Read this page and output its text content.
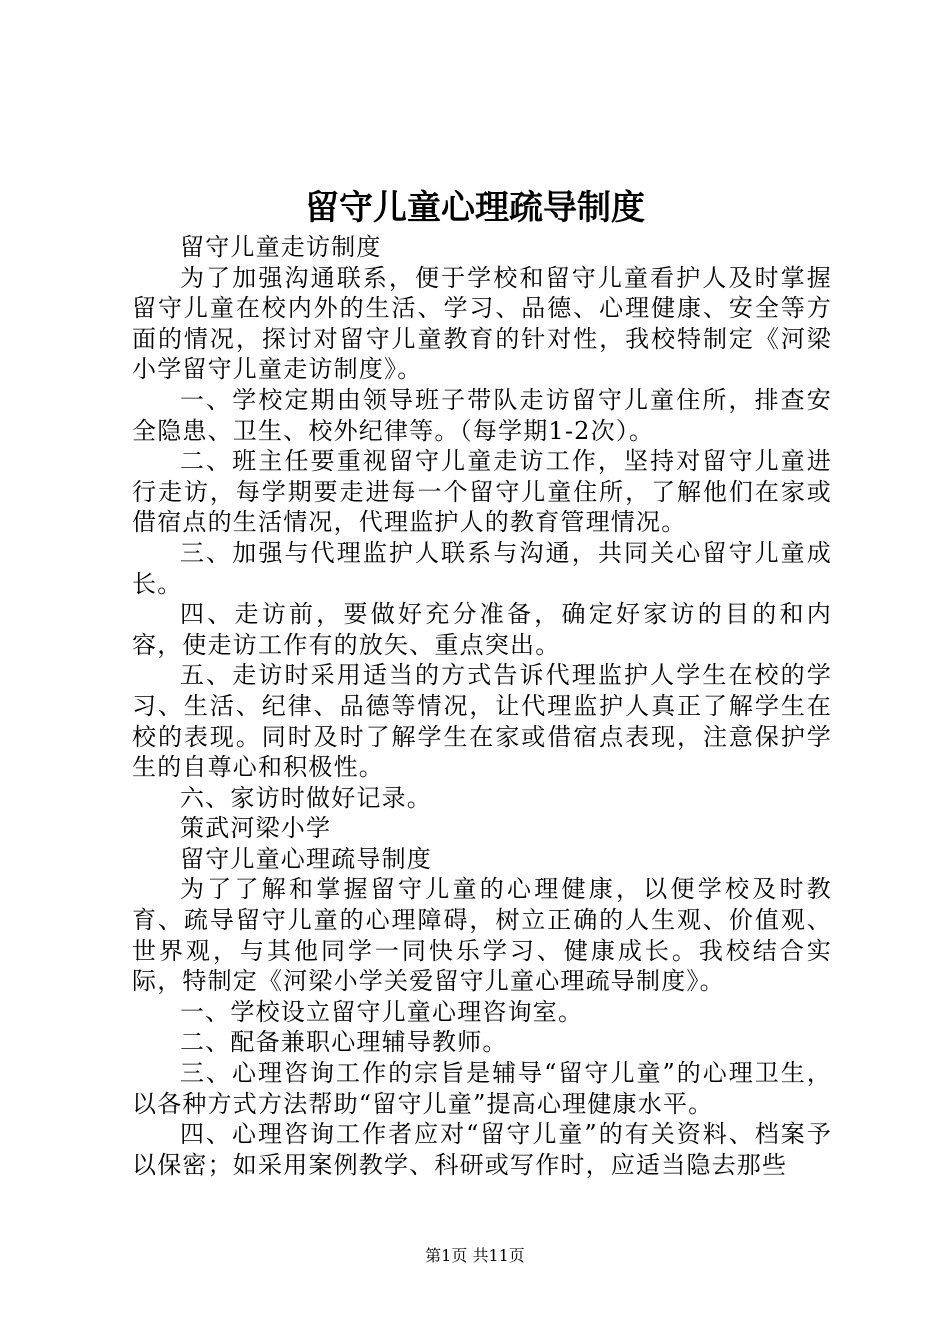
留守儿童心理疏导制度

留守儿童走访制度

为了加强沟通联系，便于学校和留守儿童看护人及时掌握留守儿童在校内外的生活、学习、品德、心理健康、安全等方面的情况，探讨对留守儿童教育的针对性，我校特制定《河梁小学留守儿童走访制度》。

一、学校定期由领导班子带队走访留守儿童住所，排查安全隐患、卫生、校外纪律等。（每学期1-2次）。

二、班主任要重视留守儿童走访工作，坚持对留守儿童进行走访，每学期要走进每一个留守儿童住所，了解他们在家或借宿点的生活情况，代理监护人的教育管理情况。

三、加强与代理监护人联系与沟通，共同关心留守儿童成长。

四、走访前，要做好充分准备，确定好家访的目的和内容，使走访工作有的放矢、重点突出。

五、走访时采用适当的方式告诉代理监护人学生在校的学习、生活、纪律、品德等情况，让代理监护人真正了解学生在校的表现。同时及时了解学生在家或借宿点表现，注意保护学生的自尊心和积极性。

六、家访时做好记录。

策武河梁小学

留守儿童心理疏导制度

为了了解和掌握留守儿童的心理健康，以便学校及时教育、疏导留守儿童的心理障碍，树立正确的人生观、价值观、世界观，与其他同学一同快乐学习、健康成长。我校结合实际，特制定《河梁小学关爱留守儿童心理疏导制度》。

一、学校设立留守儿童心理咨询室。

二、配备兼职心理辅导教师。

三、心理咨询工作的宗旨是辅导“留守儿童”的心理卫生，以各种方式方法帮助“留守儿童”提高心理健康水平。

四、心理咨询工作者应对“留守儿童”的有关资料、档案予以保密；如采用案例教学、科研或写作时，应适当隐去那些

第1页 共11页
